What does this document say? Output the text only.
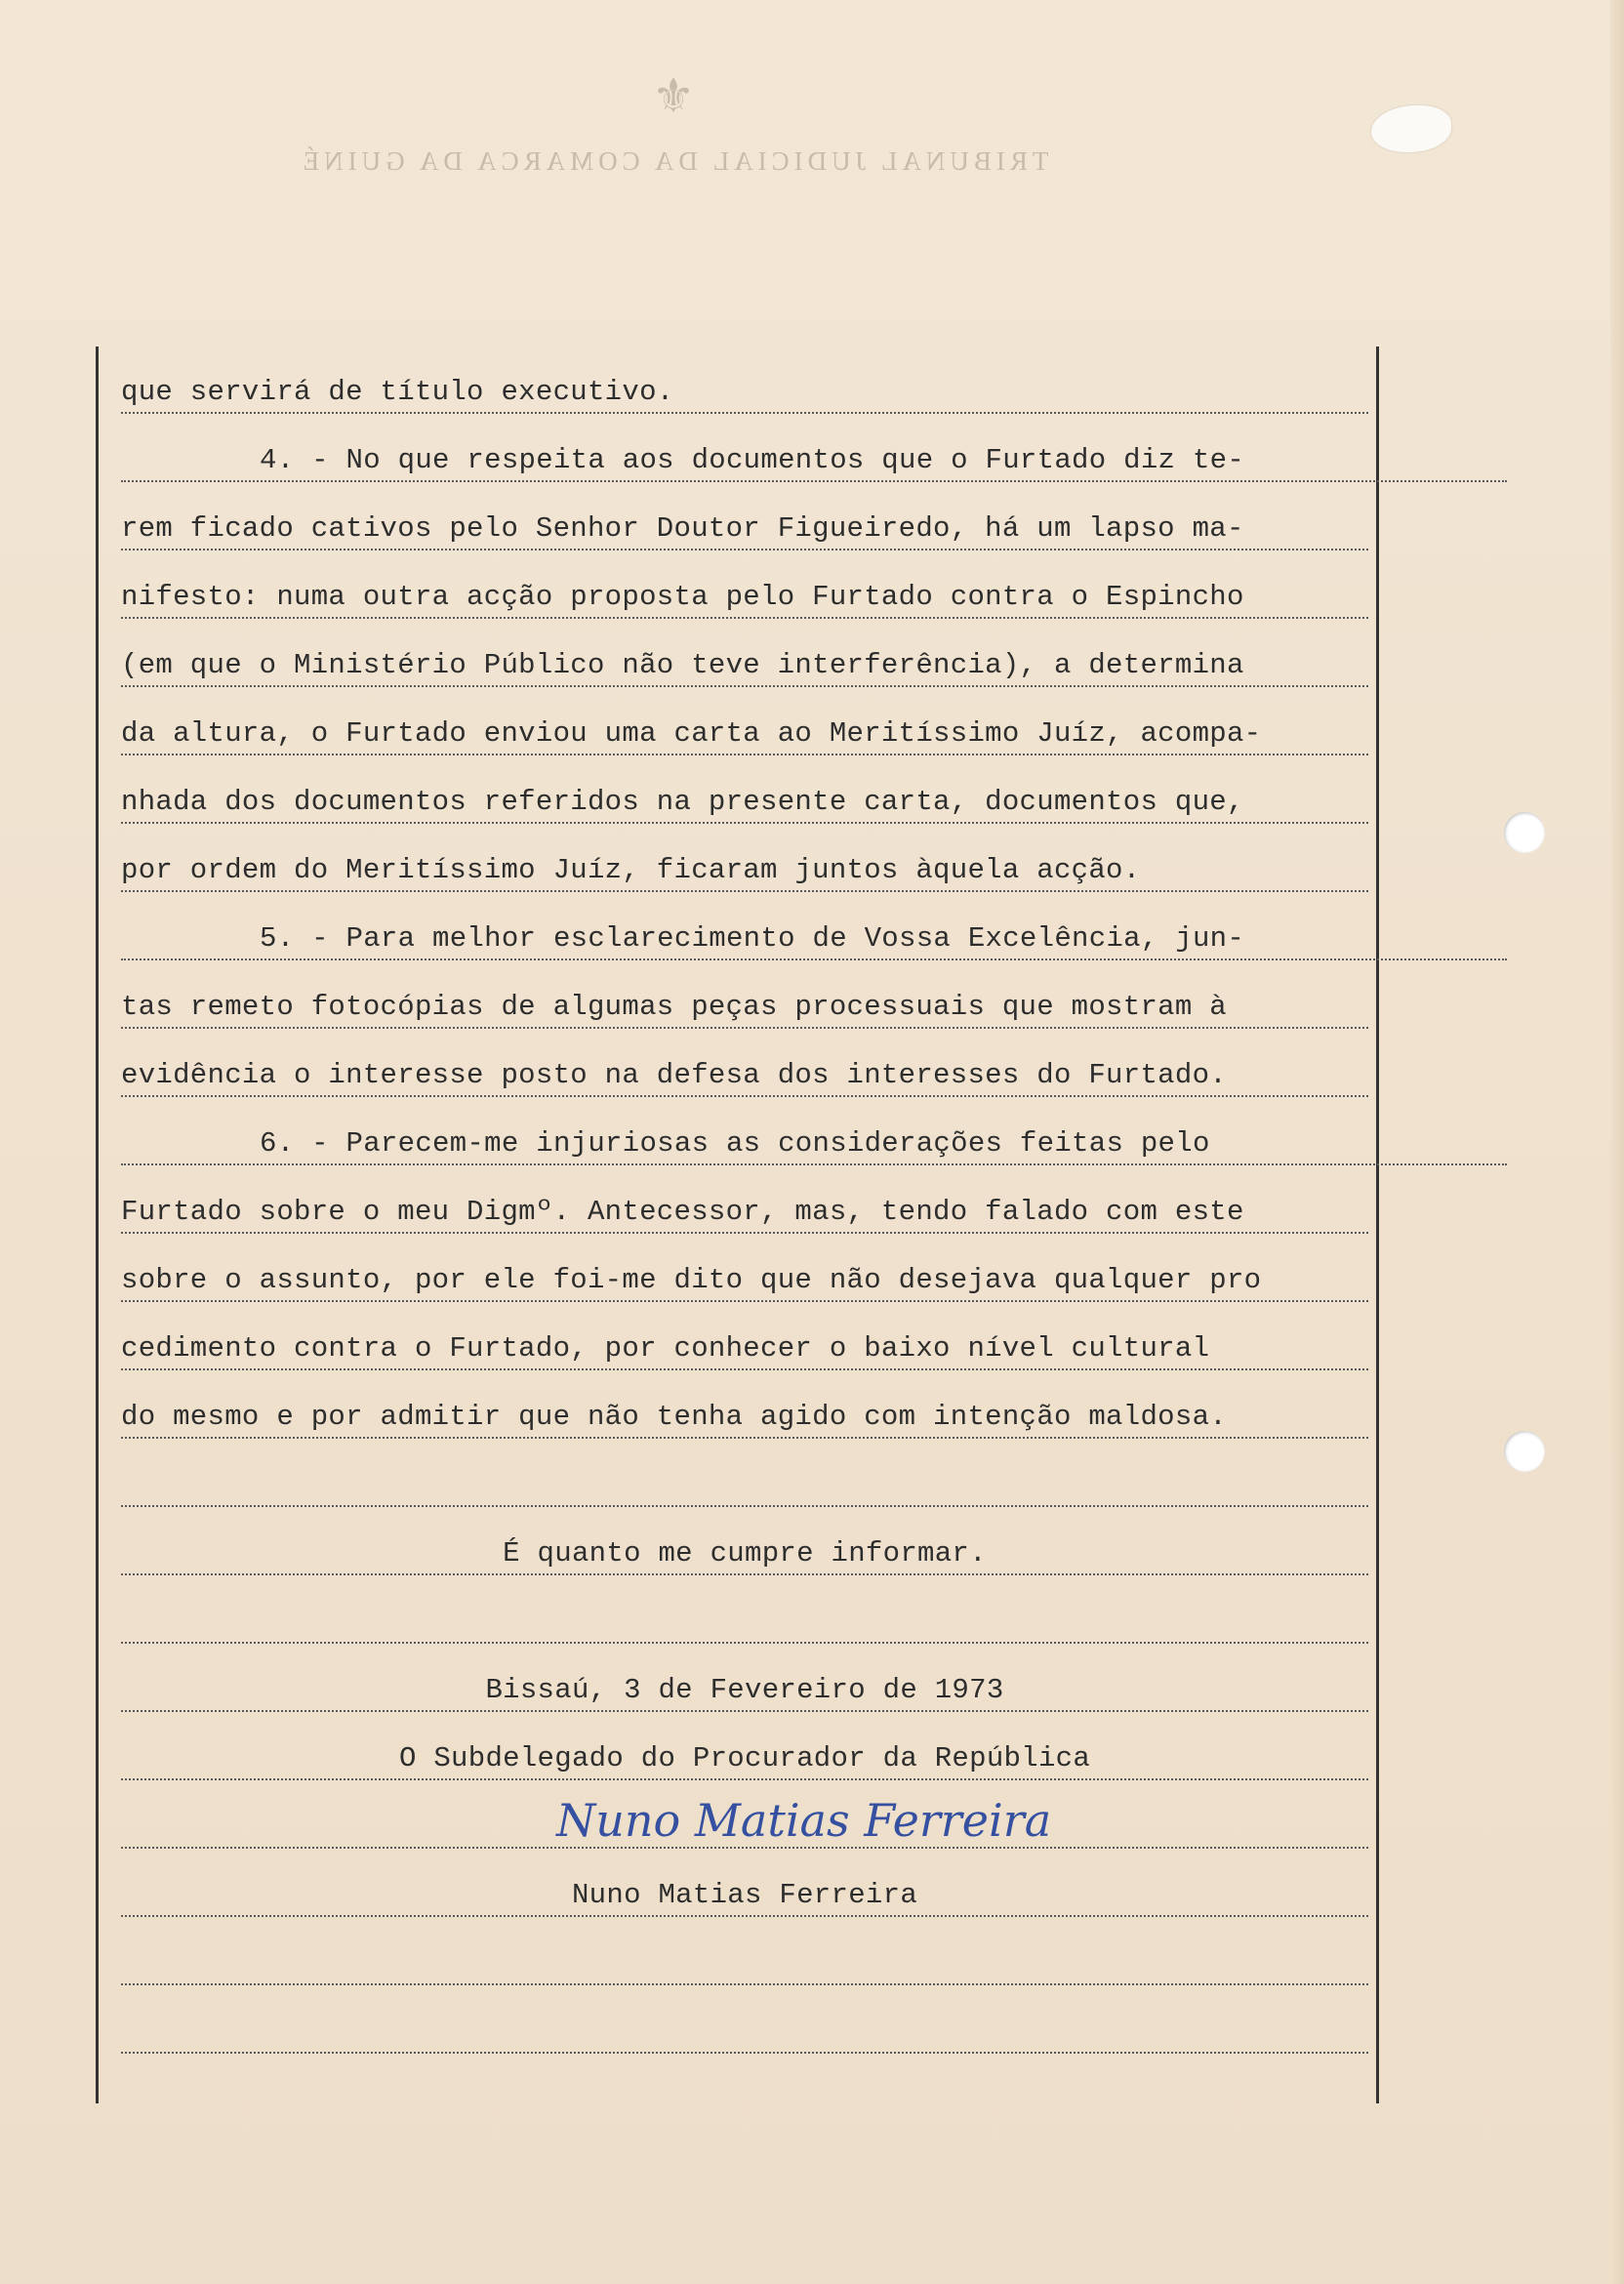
⚜
TRIBUNAL JUDICIAL DA COMARCA DA GUINÉ
que servirá de título executivo.
4. - No que respeita aos documentos que o Furtado diz te-
rem ficado cativos pelo Senhor Doutor Figueiredo, há um lapso ma-
nifesto: numa outra acção proposta pelo Furtado contra o Espincho
(em que o Ministério Público não teve interferência), a determina
da altura, o Furtado enviou uma carta ao Meritíssimo Juíz, acompa-
nhada dos documentos referidos na presente carta, documentos que,
por ordem do Meritíssimo Juíz, ficaram juntos àquela acção.
5. - Para melhor esclarecimento de Vossa Excelência, jun-
tas remeto fotocópias de algumas peças processuais que mostram à
evidência o interesse posto na defesa dos interesses do Furtado.
6. - Parecem-me injuriosas as considerações feitas pelo
Furtado sobre o meu Digmº. Antecessor, mas, tendo falado com este
sobre o assunto, por ele foi-me dito que não desejava qualquer pro
cedimento contra o Furtado, por conhecer o baixo nível cultural
do mesmo e por admitir que não tenha agido com intenção maldosa.
É quanto me cumpre informar.
Bissaú, 3 de Fevereiro de 1973
O Subdelegado do Procurador da República
Nuno Matias Ferreira
Nuno Matias Ferreira
